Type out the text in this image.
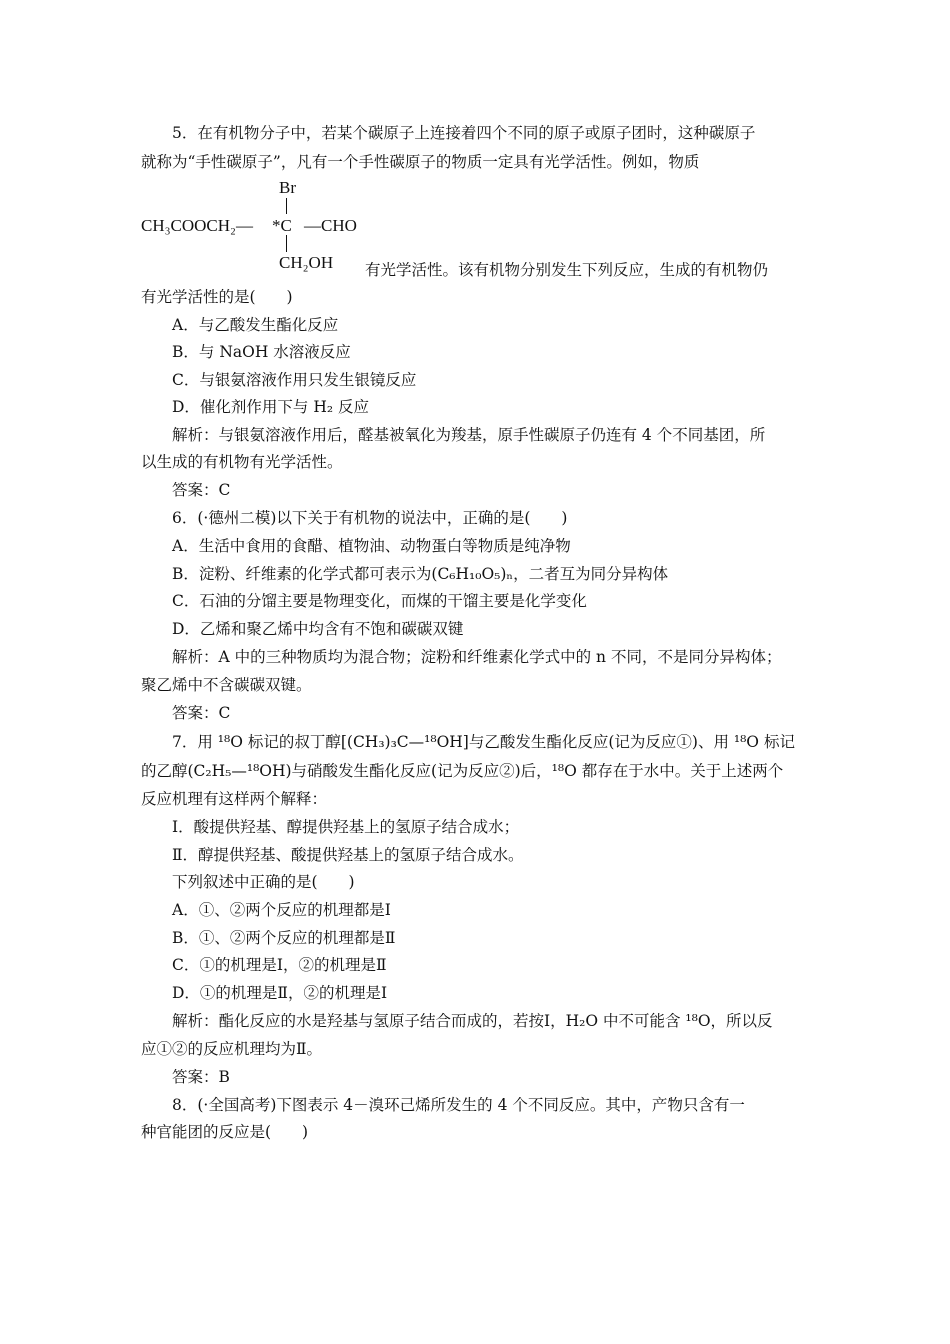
5．在有机物分子中，若某个碳原子上连接着四个不同的原子或原子团时，这种碳原子
就称为“手性碳原子”，凡有一个手性碳原子的物质一定具有光学活性。例如，物质
Br
CH₃COOCH₂— *C —CHO
CH₂OH 有光学活性。该有机物分别发生下列反应，生成的有机物仍
有光学活性的是(　　)
A．与乙酸发生酯化反应
B．与 NaOH 水溶液反应
C．与银氨溶液作用只发生银镜反应
D．催化剂作用下与 H₂ 反应
解析：与银氨溶液作用后，醛基被氧化为羧基，原手性碳原子仍连有 4 个不同基团，所
以生成的有机物有光学活性。
答案：C
6．(·德州二模)以下关于有机物的说法中，正确的是(　　)
A．生活中食用的食醋、植物油、动物蛋白等物质是纯净物
B．淀粉、纤维素的化学式都可表示为(C₆H₁₀O₅)ₙ，二者互为同分异构体
C．石油的分馏主要是物理变化，而煤的干馏主要是化学变化
D．乙烯和聚乙烯中均含有不饱和碳碳双键
解析：A 中的三种物质均为混合物；淀粉和纤维素化学式中的 n 不同，不是同分异构体；
聚乙烯中不含碳碳双键。
答案：C
7．用 ¹⁸O 标记的叔丁醇[(CH₃)₃C—¹⁸OH]与乙酸发生酯化反应(记为反应①)、用 ¹⁸O 标记
的乙醇(C₂H₅—¹⁸OH)与硝酸发生酯化反应(记为反应②)后，¹⁸O 都存在于水中。关于上述两个
反应机理有这样两个解释：
Ⅰ．酸提供羟基、醇提供羟基上的氢原子结合成水；
Ⅱ．醇提供羟基、酸提供羟基上的氢原子结合成水。
下列叙述中正确的是(　　)
A．①、②两个反应的机理都是Ⅰ
B．①、②两个反应的机理都是Ⅱ
C．①的机理是Ⅰ，②的机理是Ⅱ
D．①的机理是Ⅱ，②的机理是Ⅰ
解析：酯化反应的水是羟基与氢原子结合而成的，若按Ⅰ，H₂O 中不可能含 ¹⁸O，所以反
应①②的反应机理均为Ⅱ。
答案：B
8．(·全国高考)下图表示 4－溴环己烯所发生的 4 个不同反应。其中，产物只含有一
种官能团的反应是(　　)
